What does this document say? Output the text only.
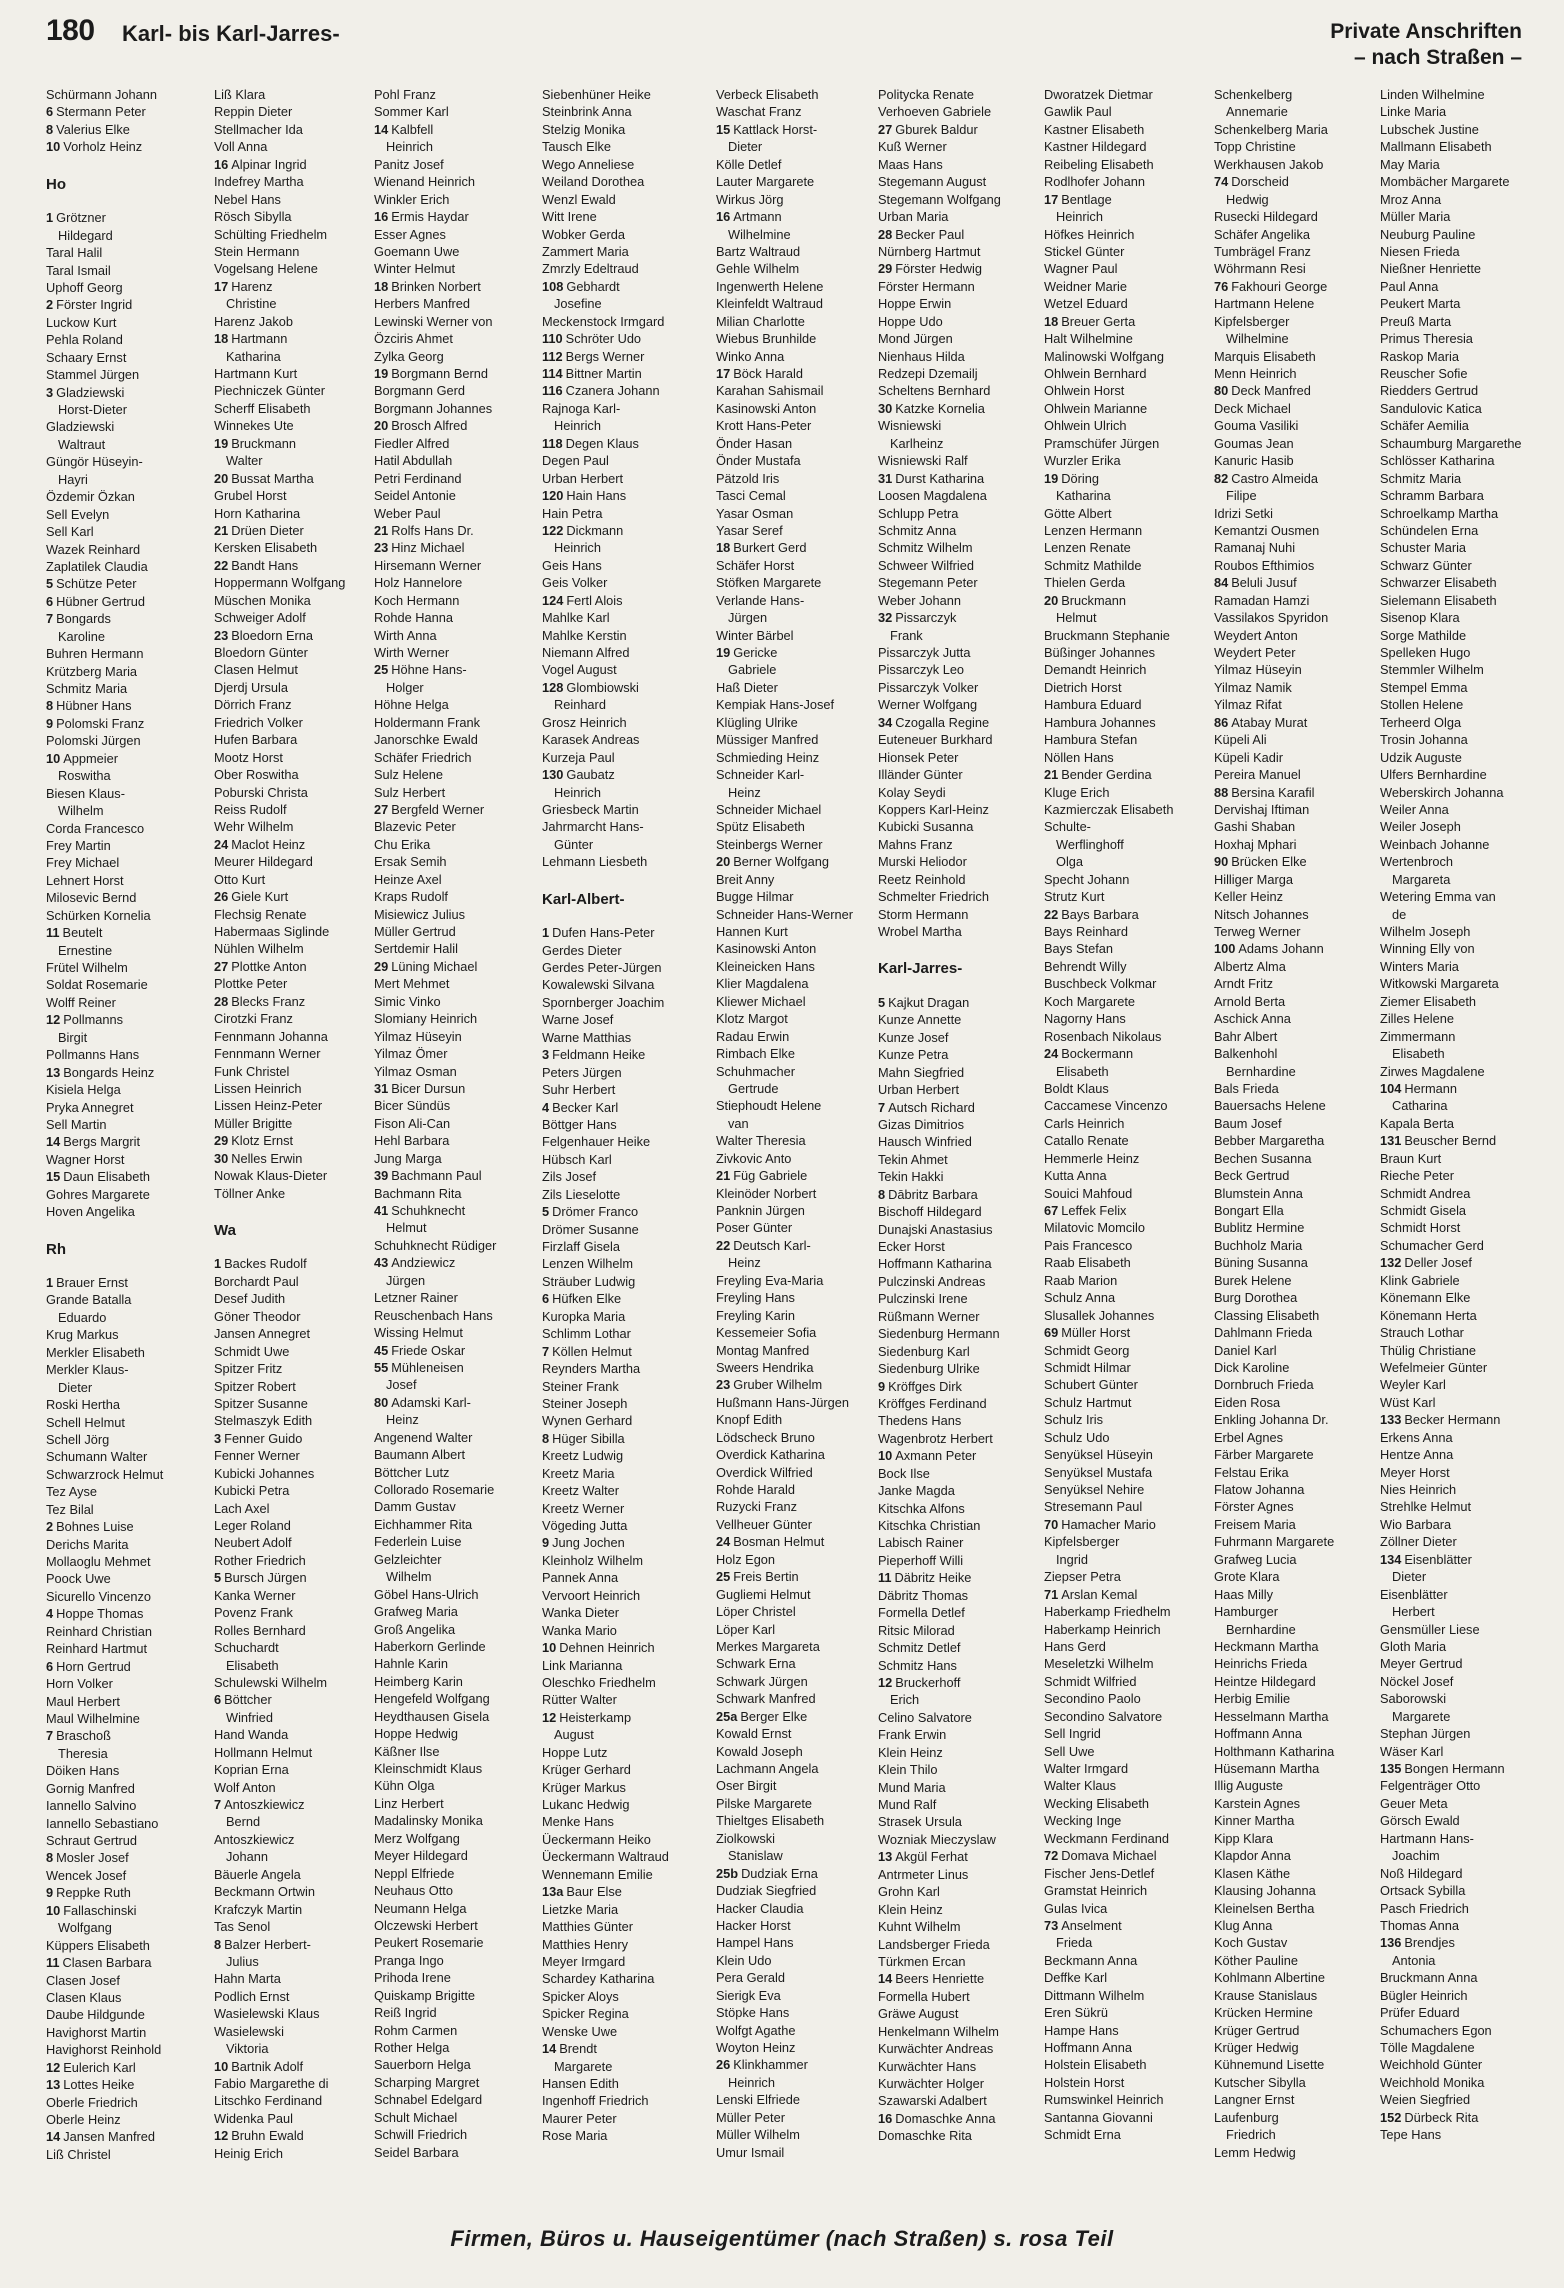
180 Karl- bis Karl-Jarres-	Private Anschriften
– nach Straßen –
Schürmann Johann
6 Stermann Peter
8 Valerius Elke
10 Vorholz Heinz
Ho
1 Grötzner
Hildegard
Taral Halil
Taral Ismail
Uphoff Georg
2 Förster Ingrid
Luckow Kurt
Pehla Roland
Schaary Ernst
Stammel Jürgen
3 Gladziewski
Horst-Dieter
Gladziewski
Waltraut
Güngör Hüseyin-
Hayri
Özdemir Özkan
Sell Evelyn
Sell Karl
Wazek Reinhard
Zaplatilek Claudia
5 Schütze Peter
6 Hübner Gertrud
7 Bongards
Karoline
Buhren Hermann
Krützberg Maria
Schmitz Maria
8 Hübner Hans
9 Polomski Franz
Polomski Jürgen
10 Appmeier
Roswitha
Biesen Klaus-
Wilhelm
Corda Francesco
Frey Martin
Frey Michael
Lehnert Horst
Milosevic Bernd
Schürken Kornelia
11 Beutelt
Ernestine
Frütel Wilhelm
Soldat Rosemarie
Wolff Reiner
12 Pollmanns
Birgit
Pollmanns Hans
13 Bongards Heinz
Kisiela Helga
Pryka Annegret
Sell Martin
14 Bergs Margrit
Wagner Horst
15 Daun Elisabeth
Gohres Margarete
Hoven Angelika
Rh
1 Brauer Ernst
Grande Batalla
Eduardo
Krug Markus
Merkler Elisabeth
Merkler Klaus-
Dieter
Roski Hertha
Schell Helmut
Schell Jörg
Schumann Walter
Schwarzrock Helmut
Tez Ayse
Tez Bilal
2 Bohnes Luise
Derichs Marita
Mollaoglu Mehmet
Poock Uwe
Sicurello Vincenzo
4 Hoppe Thomas
Reinhard Christian
Reinhard Hartmut
6 Horn Gertrud
Horn Volker
Maul Herbert
Maul Wilhelmine
7 Braschoß
Theresia
Döiken Hans
Gornig Manfred
Iannello Salvino
Iannello Sebastiano
Schraut Gertrud
8 Mosler Josef
Wencek Josef
9 Reppke Ruth
10 Fallaschinski
Wolfgang
Küppers Elisabeth
11 Clasen Barbara
Clasen Josef
Clasen Klaus
Daube Hildgunde
Havighorst Martin
Havighorst Reinhold
12 Eulerich Karl
13 Lottes Heike
Oberle Friedrich
Oberle Heinz
14 Jansen Manfred
Liß Christel
Liß Klara
Reppin Dieter
Stellmacher Ida
Voll Anna
16 Alpinar Ingrid
Indefrey Martha
Nebel Hans
Rösch Sibylla
Schülting Friedhelm
Stein Hermann
Vogelsang Helene
17 Harenz
Christine
Harenz Jakob
18 Hartmann
Katharina
Hartmann Kurt
Piechniczek Günter
Scherff Elisabeth
Winnekes Ute
19 Bruckmann
Walter
20 Bussat Martha
Grubel Horst
Horn Katharina
21 Drüen Dieter
Kersken Elisabeth
22 Bandt Hans
Hoppermann Wolfgang
Müschen Monika
Schweiger Adolf
23 Bloedorn Erna
Bloedorn Günter
Clasen Helmut
Djerdj Ursula
Dörrich Franz
Friedrich Volker
Hufen Barbara
Mootz Horst
Ober Roswitha
Poburski Christa
Reiss Rudolf
Wehr Wilhelm
24 Maclot Heinz
Meurer Hildegard
Otto Kurt
26 Giele Kurt
Flechsig Renate
Habermaas Siglinde
Nühlen Wilhelm
27 Plottke Anton
Plottke Peter
28 Blecks Franz
Cirotzki Franz
Fennmann Johanna
Fennmann Werner
Funk Christel
Lissen Heinrich
Lissen Heinz-Peter
Müller Brigitte
29 Klotz Ernst
30 Nelles Erwin
Nowak Klaus-Dieter
Töllner Anke
Wa
1 Backes Rudolf
Borchardt Paul
Desef Judith
Göner Theodor
Jansen Annegret
Schmidt Uwe
Spitzer Fritz
Spitzer Robert
Spitzer Susanne
Stelmaszyk Edith
3 Fenner Guido
Fenner Werner
Kubicki Johannes
Kubicki Petra
Lach Axel
Leger Roland
Neubert Adolf
Rother Friedrich
5 Bursch Jürgen
Kanka Werner
Povenz Frank
Rolles Bernhard
Schuchardt
Elisabeth
Schulewski Wilhelm
6 Böttcher
Winfried
Hand Wanda
Hollmann Helmut
Koprian Erna
Wolf Anton
7 Antoszkiewicz
Bernd
Antoszkiewicz
Johann
Bäuerle Angela
Beckmann Ortwin
Krafczyk Martin
Tas Senol
8 Balzer Herbert-
Julius
Hahn Marta
Podlich Ernst
Wasielewski Klaus
Wasielewski
Viktoria
10 Bartnik Adolf
Fabio Margarethe di
Litschko Ferdinand
Widenka Paul
12 Bruhn Ewald
Heinig Erich
Pohl Franz
Sommer Karl
14 Kalbfell
Heinrich
Panitz Josef
Wienand Heinrich
Winkler Erich
16 Ermis Haydar
Esser Agnes
Goemann Uwe
Winter Helmut
18 Brinken Norbert
Herbers Manfred
Lewinski Werner von
Özciris Ahmet
Zylka Georg
19 Borgmann Bernd
Borgmann Gerd
Borgmann Johannes
20 Brosch Alfred
Fiedler Alfred
Hatil Abdullah
Petri Ferdinand
Seidel Antonie
Weber Paul
21 Rolfs Hans Dr.
23 Hinz Michael
Hirsemann Werner
Holz Hannelore
Koch Hermann
Rohde Hanna
Wirth Anna
Wirth Werner
25 Höhne Hans-
Holger
Höhne Helga
Holdermann Frank
Janorschke Ewald
Schäfer Friedrich
Sulz Helene
Sulz Herbert
27 Bergfeld Werner
Blazevic Peter
Chu Erika
Ersak Semih
Heinze Axel
Kraps Rudolf
Misiewicz Julius
Müller Gertrud
Sertdemir Halil
29 Lüning Michael
Mert Mehmet
Simic Vinko
Slomiany Heinrich
Yilmaz Hüseyin
Yilmaz Ömer
Yilmaz Osman
31 Bicer Dursun
Bicer Sündüs
Fison Ali-Can
Hehl Barbara
Jung Marga
39 Bachmann Paul
Bachmann Rita
41 Schuhknecht
Helmut
Schuhknecht Rüdiger
43 Andziewicz
Jürgen
Letzner Rainer
Reuschenbach Hans
Wissing Helmut
45 Friede Oskar
55 Mühleneisen
Josef
80 Adamski Karl-
Heinz
Angenend Walter
Baumann Albert
Böttcher Lutz
Collorado Rosemarie
Damm Gustav
Eichhammer Rita
Federlein Luise
Gelzleichter
Wilhelm
Göbel Hans-Ulrich
Grafweg Maria
Groß Angelika
Haberkorn Gerlinde
Hahnle Karin
Heimberg Karin
Hengefeld Wolfgang
Heydthausen Gisela
Hoppe Hedwig
Käßner Ilse
Kleinschmidt Klaus
Kühn Olga
Linz Herbert
Madalinsky Monika
Merz Wolfgang
Meyer Hildegard
Neppl Elfriede
Neuhaus Otto
Neumann Helga
Olczewski Herbert
Peukert Rosemarie
Pranga Ingo
Prihoda Irene
Quiskamp Brigitte
Reiß Ingrid
Rohm Carmen
Rother Helga
Sauerborn Helga
Scharping Margret
Schnabel Edelgard
Schult Michael
Schwill Friedrich
Seidel Barbara
Siebenhüner Heike
Steinbrink Anna
Stelzig Monika
Tausch Elke
Wego Anneliese
Weiland Dorothea
Wenzl Ewald
Witt Irene
Wobker Gerda
Zammert Maria
Zmrzly Edeltraud
108 Gebhardt
Josefine
Meckenstock Irmgard
110 Schröter Udo
112 Bergs Werner
114 Bittner Martin
116 Czanera Johann
Rajnoga Karl-
Heinrich
118 Degen Klaus
Degen Paul
Urban Herbert
120 Hain Hans
Hain Petra
122 Dickmann
Heinrich
Geis Hans
Geis Volker
124 Fertl Alois
Mahlke Karl
Mahlke Kerstin
Niemann Alfred
Vogel August
128 Glombiowski
Reinhard
Grosz Heinrich
Karasek Andreas
Kurzeja Paul
130 Gaubatz
Heinrich
Griesbeck Martin
Jahrmarcht Hans-
Günter
Lehmann Liesbeth
Karl-Albert-
1 Dufen Hans-Peter
Gerdes Dieter
Gerdes Peter-Jürgen
Kowalewski Silvana
Spornberger Joachim
Warne Josef
Warne Matthias
3 Feldmann Heike
Peters Jürgen
Suhr Herbert
4 Becker Karl
Böttger Hans
Felgenhauer Heike
Hübsch Karl
Zils Josef
Zils Lieselotte
5 Drömer Franco
Drömer Susanne
Firzlaff Gisela
Lenzen Wilhelm
Sträuber Ludwig
6 Hüfken Elke
Kuropka Maria
Schlimm Lothar
7 Köllen Helmut
Reynders Martha
Steiner Frank
Steiner Joseph
Wynen Gerhard
8 Hüger Sibilla
Kreetz Ludwig
Kreetz Maria
Kreetz Walter
Kreetz Werner
Vögeding Jutta
9 Jung Jochen
Kleinholz Wilhelm
Pannek Anna
Vervoort Heinrich
Wanka Dieter
Wanka Mario
10 Dehnen Heinrich
Link Marianna
Oleschko Friedhelm
Rütter Walter
12 Heisterkamp
August
Hoppe Lutz
Krüger Gerhard
Krüger Markus
Lukanc Hedwig
Menke Hans
Üeckermann Heiko
Üeckermann Waltraud
Wennemann Emilie
13a Baur Else
Lietzke Maria
Matthies Günter
Matthies Henry
Meyer Irmgard
Schardey Katharina
Spicker Aloys
Spicker Regina
Wenske Uwe
14 Brendt
Margarete
Hansen Edith
Ingenhoff Friedrich
Maurer Peter
Rose Maria
Verbeck Elisabeth
Waschat Franz
15 Kattlack Horst-
Dieter
Kölle Detlef
Lauter Margarete
Wirkus Jörg
16 Artmann
Wilhelmine
Bartz Waltraud
Gehle Wilhelm
Ingenwerth Helene
Kleinfeldt Waltraud
Milian Charlotte
Wiebus Brunhilde
Winko Anna
17 Böck Harald
Karahan Sahismail
Kasinowski Anton
Krott Hans-Peter
Önder Hasan
Önder Mustafa
Pätzold Iris
Tasci Cemal
Yasar Osman
Yasar Seref
18 Burkert Gerd
Schäfer Horst
Stöfken Margarete
Verlande Hans-
Jürgen
Winter Bärbel
19 Gericke
Gabriele
Haß Dieter
Kempiak Hans-Josef
Klügling Ulrike
Müssiger Manfred
Schmieding Heinz
Schneider Karl-
Heinz
Schneider Michael
Spütz Elisabeth
Steinbergs Werner
20 Berner Wolfgang
Breit Anny
Bugge Hilmar
Schneider Hans-Werner
Hannen Kurt
Kasinowski Anton
Kleineicken Hans
Klier Magdalena
Kliewer Michael
Klotz Margot
Radau Erwin
Rimbach Elke
Schuhmacher
Gertrude
Stiephoudt Helene
van
Walter Theresia
Zivkovic Anto
21 Füg Gabriele
Kleinöder Norbert
Panknin Jürgen
Poser Günter
22 Deutsch Karl-
Heinz
Freyling Eva-Maria
Freyling Hans
Freyling Karin
Kessemeier Sofia
Montag Manfred
Sweers Hendrika
23 Gruber Wilhelm
Hußmann Hans-Jürgen
Knopf Edith
Lödscheck Bruno
Overdick Katharina
Overdick Wilfried
Rohde Harald
Ruzycki Franz
Vellheuer Günter
24 Bosman Helmut
Holz Egon
25 Freis Bertin
Gugliemi Helmut
Löper Christel
Löper Karl
Merkes Margareta
Schwark Erna
Schwark Jürgen
Schwark Manfred
25a Berger Elke
Kowald Ernst
Kowald Joseph
Lachmann Angela
Oser Birgit
Pilske Margarete
Thieltges Elisabeth
Ziolkowski
Stanislaw
25b Dudziak Erna
Dudziak Siegfried
Hacker Claudia
Hacker Horst
Hampel Hans
Klein Udo
Pera Gerald
Sierigk Eva
Stöpke Hans
Wolfgt Agathe
Woyton Heinz
26 Klinkhammer
Heinrich
Lenski Elfriede
Müller Peter
Müller Wilhelm
Umur Ismail
Politycka Renate
Verhoeven Gabriele
27 Gburek Baldur
Kuß Werner
Maas Hans
Stegemann August
Stegemann Wolfgang
Urban Maria
28 Becker Paul
Nürnberg Hartmut
29 Förster Hedwig
Förster Hermann
Hoppe Erwin
Hoppe Udo
Mond Jürgen
Nienhaus Hilda
Redzepi Dzemailj
Scheltens Bernhard
30 Katzke Kornelia
Wisniewski
Karlheinz
Wisniewski Ralf
31 Durst Katharina
Loosen Magdalena
Schlupp Petra
Schmitz Anna
Schmitz Wilhelm
Schweer Wilfried
Stegemann Peter
Weber Johann
32 Pissarczyk
Frank
Pissarczyk Jutta
Pissarczyk Leo
Pissarczyk Volker
Werner Wolfgang
34 Czogalla Regine
Euteneuer Burkhard
Hionsek Peter
Illänder Günter
Kolay Seydi
Koppers Karl-Heinz
Kubicki Susanna
Mahns Franz
Murski Heliodor
Reetz Reinhold
Schmelter Friedrich
Storm Hermann
Wrobel Martha
Karl-Jarres-
5 Kajkut Dragan
Kunze Annette
Kunze Josef
Kunze Petra
Mahn Siegfried
Urban Herbert
7 Autsch Richard
Gizas Dimitrios
Hausch Winfried
Tekin Ahmet
Tekin Hakki
8 Dābritz Barbara
Bischoff Hildegard
Dunajski Anastasius
Ecker Horst
Hoffmann Katharina
Pulczinski Andreas
Pulczinski Irene
Rüßmann Werner
Siedenburg Hermann
Siedenburg Karl
Siedenburg Ulrike
9 Kröffges Dirk
Kröffges Ferdinand
Thedens Hans
Wagenbrotz Herbert
10 Axmann Peter
Bock Ilse
Janke Magda
Kitschka Alfons
Kitschka Christian
Labisch Rainer
Pieperhoff Willi
11 Däbritz Heike
Däbritz Thomas
Formella Detlef
Ritsic Milorad
Schmitz Detlef
Schmitz Hans
12 Bruckerhoff
Erich
Celino Salvatore
Frank Erwin
Klein Heinz
Klein Thilo
Mund Maria
Mund Ralf
Strasek Ursula
Wozniak Mieczyslaw
13 Akgül Ferhat
Antrmeter Linus
Grohn Karl
Klein Heinz
Kuhnt Wilhelm
Landsberger Frieda
Türkmen Ercan
14 Beers Henriette
Formella Hubert
Gräwe August
Henkelmann Wilhelm
Kurwächter Andreas
Kurwächter Hans
Kurwächter Holger
Szawarski Adalbert
16 Domaschke Anna
Domaschke Rita
Dworatzek Dietmar
Gawlik Paul
Kastner Elisabeth
Kastner Hildegard
Reibeling Elisabeth
Rodlhofer Johann
17 Bentlage
Heinrich
Höfkes Heinrich
Stickel Günter
Wagner Paul
Weidner Marie
Wetzel Eduard
18 Breuer Gerta
Halt Wilhelmine
Malinowski Wolfgang
Ohlwein Bernhard
Ohlwein Horst
Ohlwein Marianne
Ohlwein Ulrich
Pramschüfer Jürgen
Wurzler Erika
19 Döring
Katharina
Götte Albert
Lenzen Hermann
Lenzen Renate
Schmitz Mathilde
Thielen Gerda
20 Bruckmann
Helmut
Bruckmann Stephanie
Büßinger Johannes
Demandt Heinrich
Dietrich Horst
Hambura Eduard
Hambura Johannes
Hambura Stefan
Nöllen Hans
21 Bender Gerdina
Kluge Erich
Kazmierczak Elisabeth
Schulte-
Werflinghoff
Olga
Specht Johann
Strutz Kurt
22 Bays Barbara
Bays Reinhard
Bays Stefan
Behrendt Willy
Buschbeck Volkmar
Koch Margarete
Nagorny Hans
Rosenbach Nikolaus
24 Bockermann
Elisabeth
Boldt Klaus
Caccamese Vincenzo
Carls Heinrich
Catallo Renate
Hemmerle Heinz
Kutta Anna
Souici Mahfoud
67 Leffek Felix
Milatovic Momcilo
Pais Francesco
Raab Elisabeth
Raab Marion
Schulz Anna
Slusallek Johannes
69 Müller Horst
Schmidt Georg
Schmidt Hilmar
Schubert Günter
Schulz Hartmut
Schulz Iris
Schulz Udo
Senyüksel Hüseyin
Senyüksel Mustafa
Senyüksel Nehire
Stresemann Paul
70 Hamacher Mario
Kipfelsberger
Ingrid
Ziepser Petra
71 Arslan Kemal
Haberkamp Friedhelm
Haberkamp Heinrich
Hans Gerd
Meseletzki Wilhelm
Schmidt Wilfried
Secondino Paolo
Secondino Salvatore
Sell Ingrid
Sell Uwe
Walter Irmgard
Walter Klaus
Wecking Elisabeth
Wecking Inge
Weckmann Ferdinand
72 Domava Michael
Fischer Jens-Detlef
Gramstat Heinrich
Gulas Ivica
73 Anselment
Frieda
Beckmann Anna
Deffke Karl
Dittmann Wilhelm
Eren Sükrü
Hampe Hans
Hoffmann Anna
Holstein Elisabeth
Holstein Horst
Rumswinkel Heinrich
Santanna Giovanni
Schmidt Erna
Schenkelberg
Annemarie
Schenkelberg Maria
Topp Christine
Werkhausen Jakob
74 Dorscheid
Hedwig
Rusecki Hildegard
Schäfer Angelika
Tumbrägel Franz
Wöhrmann Resi
76 Fakhouri George
Hartmann Helene
Kipfelsberger
Wilhelmine
Marquis Elisabeth
Menn Heinrich
80 Deck Manfred
Deck Michael
Gouma Vasiliki
Goumas Jean
Kanuric Hasib
82 Castro Almeida
Filipe
Idrizi Setki
Kemantzi Ousmen
Ramanaj Nuhi
Roubos Efthimios
84 Beluli Jusuf
Ramadan Hamzi
Vassilakos Spyridon
Weydert Anton
Weydert Peter
Yilmaz Hüseyin
Yilmaz Namik
Yilmaz Rifat
86 Atabay Murat
Küpeli Ali
Küpeli Kadir
Pereira Manuel
88 Bersina Karafil
Dervishaj Iftiman
Gashi Shaban
Hoxhaj Mphari
90 Brücken Elke
Hilliger Marga
Keller Heinz
Nitsch Johannes
Terweg Werner
100 Adams Johann
Albertz Alma
Arndt Fritz
Arnold Berta
Aschick Anna
Bahr Albert
Balkenhohl
Bernhardine
Bals Frieda
Bauersachs Helene
Baum Josef
Bebber Margaretha
Bechen Susanna
Beck Gertrud
Blumstein Anna
Bongart Ella
Bublitz Hermine
Buchholz Maria
Büning Susanna
Burek Helene
Burg Dorothea
Classing Elisabeth
Dahlmann Frieda
Daniel Karl
Dick Karoline
Dornbruch Frieda
Eiden Rosa
Enkling Johanna Dr.
Erbel Agnes
Färber Margarete
Felstau Erika
Flatow Johanna
Förster Agnes
Freisem Maria
Fuhrmann Margarete
Grafweg Lucia
Grote Klara
Haas Milly
Hamburger
Bernhardine
Heckmann Martha
Heinrichs Frieda
Heintze Hildegard
Herbig Emilie
Hesselmann Martha
Hoffmann Anna
Holthmann Katharina
Hüsemann Martha
Illig Auguste
Karstein Agnes
Kinner Martha
Kipp Klara
Klapdor Anna
Klasen Käthe
Klausing Johanna
Kleinelsen Bertha
Klug Anna
Koch Gustav
Köther Pauline
Kohlmann Albertine
Krause Stanislaus
Krücken Hermine
Krüger Gertrud
Krüger Hedwig
Kühnemund Lisette
Kutscher Sibylla
Langner Ernst
Laufenburg
Friedrich
Lemm Hedwig
Linden Wilhelmine
Linke Maria
Lubschek Justine
Mallmann Elisabeth
May Maria
Mombächer Margarete
Mroz Anna
Müller Maria
Neuburg Pauline
Niesen Frieda
Nießner Henriette
Paul Anna
Peukert Marta
Preuß Marta
Primus Theresia
Raskop Maria
Reuscher Sofie
Riedders Gertrud
Sandulovic Katica
Schäfer Aemilia
Schaumburg Margarethe
Schlösser Katharina
Schmitz Maria
Schramm Barbara
Schroelkamp Martha
Schündelen Erna
Schuster Maria
Schwarz Günter
Schwarzer Elisabeth
Sielemann Elisabeth
Sisenop Klara
Sorge Mathilde
Spelleken Hugo
Stemmler Wilhelm
Stempel Emma
Stollen Helene
Terheerd Olga
Trosin Johanna
Udzik Auguste
Ulfers Bernhardine
Weberskirch Johanna
Weiler Anna
Weiler Joseph
Weinbach Johanne
Wertenbroch
Margareta
Wetering Emma van
de
Wilhelm Joseph
Winning Elly von
Winters Maria
Witkowski Margareta
Ziemer Elisabeth
Zilles Helene
Zimmermann
Elisabeth
Zirwes Magdalene
104 Hermann
Catharina
Kapala Berta
131 Beuscher Bernd
Braun Kurt
Rieche Peter
Schmidt Andrea
Schmidt Gisela
Schmidt Horst
Schumacher Gerd
132 Deller Josef
Klink Gabriele
Könemann Elke
Könemann Herta
Strauch Lothar
Thülig Christiane
Wefelmeier Günter
Weyler Karl
Wüst Karl
133 Becker Hermann
Erkens Anna
Hentze Anna
Meyer Horst
Nies Heinrich
Strehlke Helmut
Wio Barbara
Zöllner Dieter
134 Eisenblätter
Dieter
Eisenblätter
Herbert
Gensmüller Liese
Gloth Maria
Meyer Gertrud
Nöckel Josef
Saborowski
Margarete
Stephan Jürgen
Wäser Karl
135 Bongen Hermann
Felgenträger Otto
Geuer Meta
Görsch Ewald
Hartmann Hans-
Joachim
Noß Hildegard
Ortsack Sybilla
Pasch Friedrich
Thomas Anna
136 Brendjes
Antonia
Bruckmann Anna
Bügler Heinrich
Prüfer Eduard
Schumachers Egon
Tölle Magdalene
Weichhold Günter
Weichhold Monika
Weien Siegfried
152 Dürbeck Rita
Tepe Hans
Firmen, Büros u. Hauseigentümer (nach Straßen) s. rosa Teil
